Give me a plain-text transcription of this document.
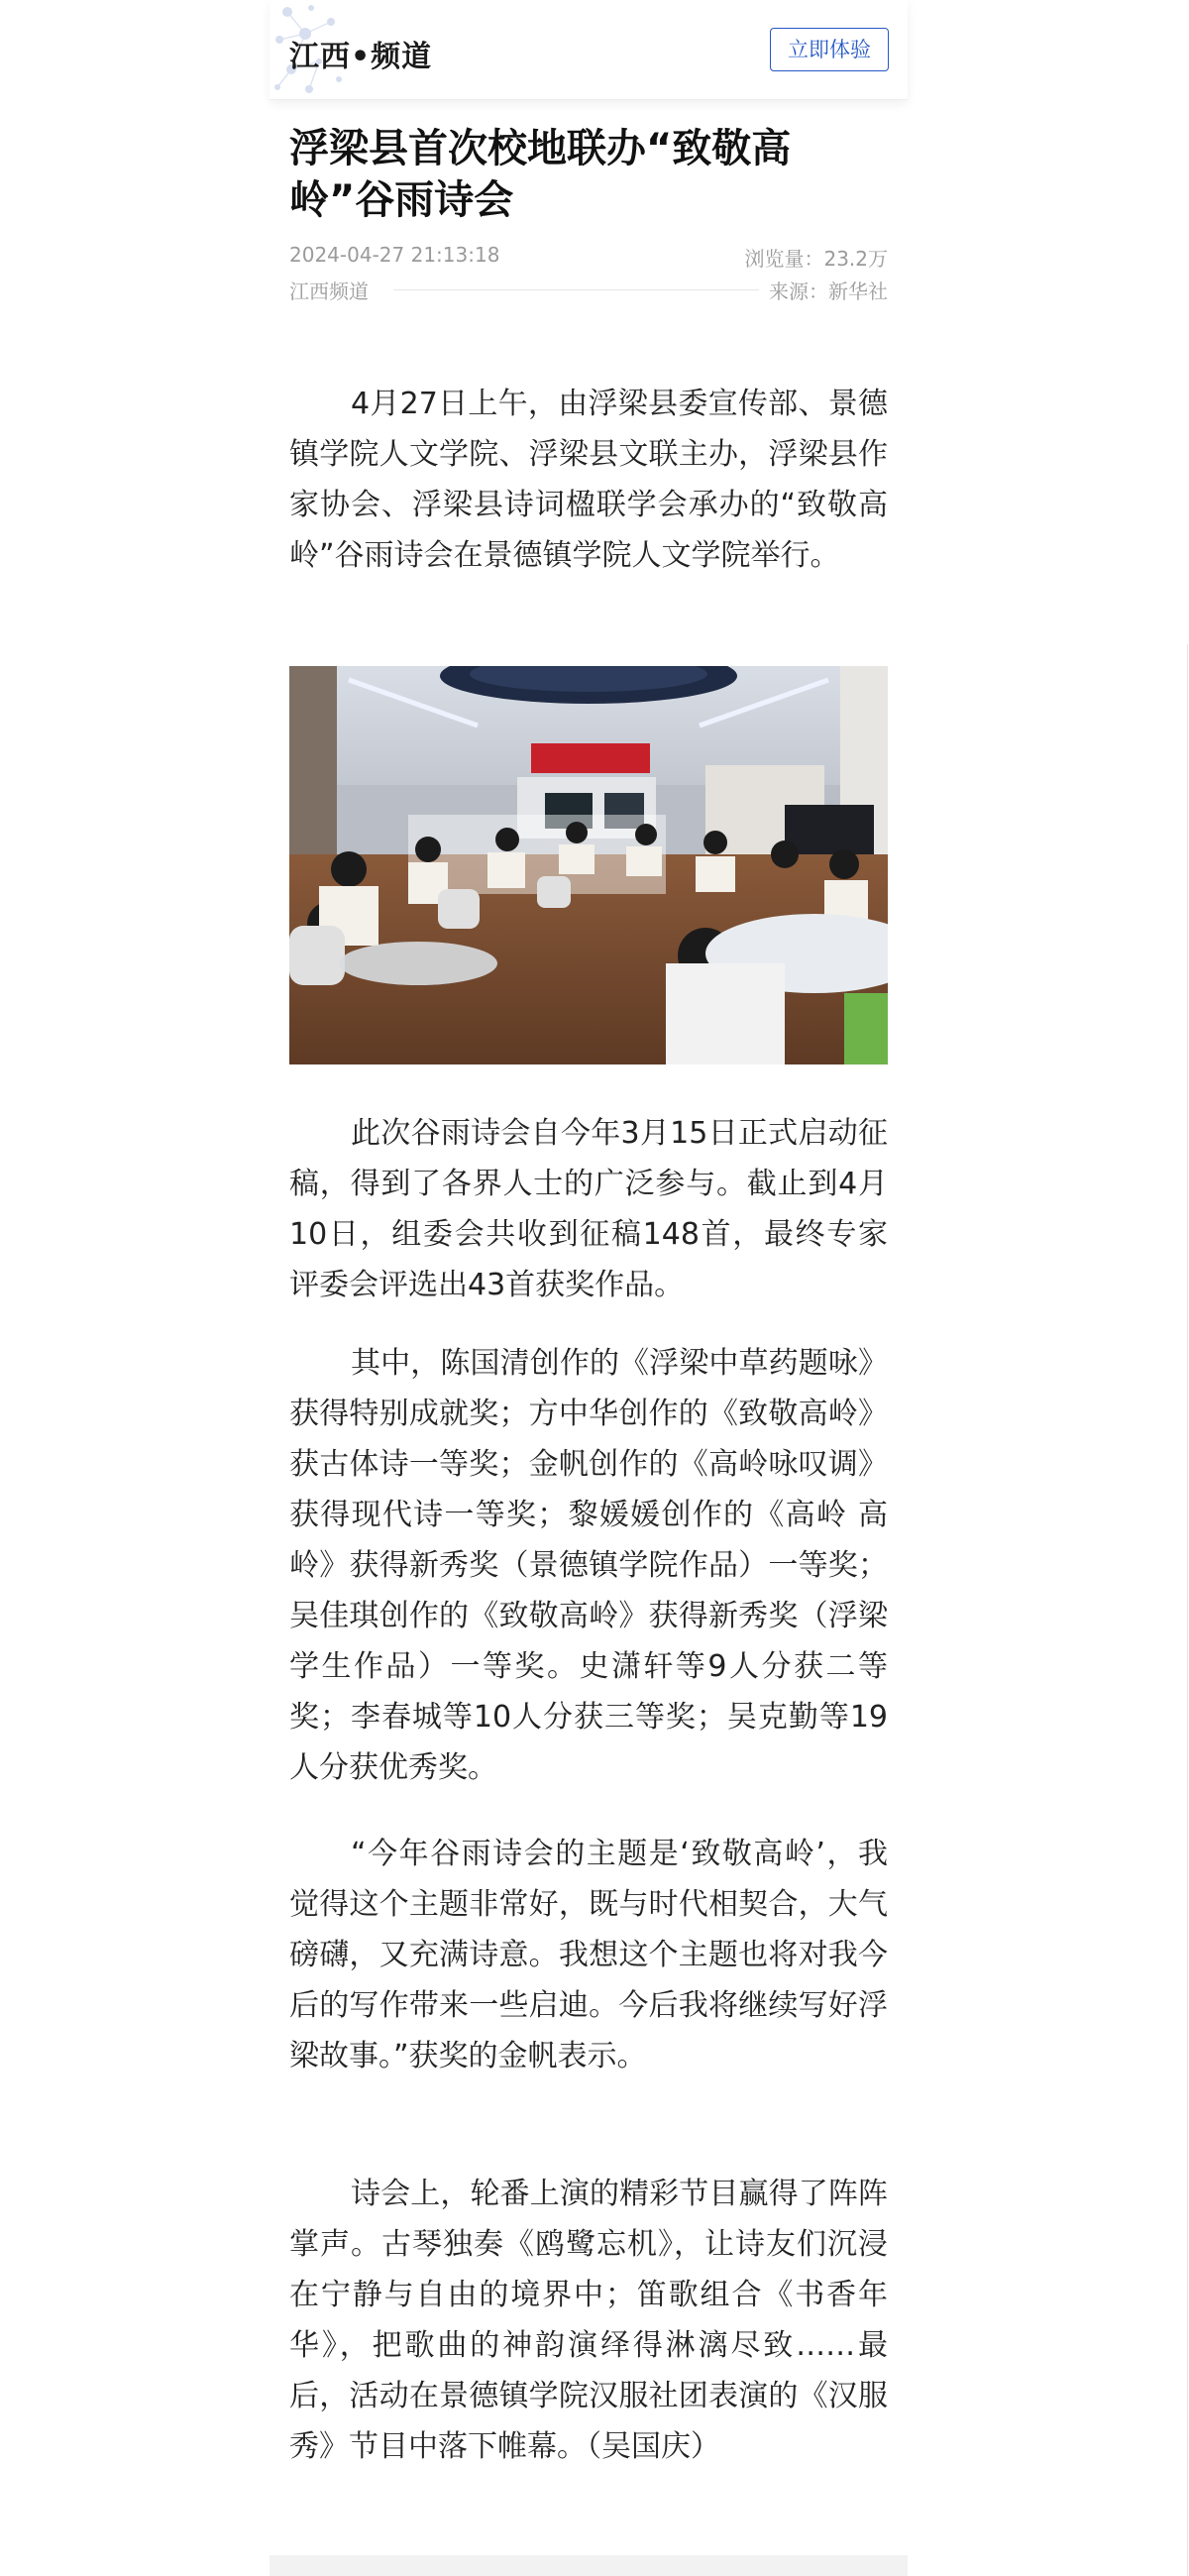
江西•频道	立即体验
浮梁县首次校地联办“致敬高岭”谷雨诗会
2024-04-27 21:13:18	浏览量：23.2万
江西频道	来源：新华社

4月27日上午，由浮梁县委宣传部、景德镇学院人文学院、浮梁县文联主办，浮梁县作家协会、浮梁县诗词楹联学会承办的“致敬高岭”谷雨诗会在景德镇学院人文学院举行。

此次谷雨诗会自今年3月15日正式启动征稿，得到了各界人士的广泛参与。截止到4月10日，组委会共收到征稿148首，最终专家评委会评选出43首获奖作品。

其中，陈国清创作的《浮梁中草药题咏》获得特别成就奖；方中华创作的《致敬高岭》获古体诗一等奖；金帆创作的《高岭咏叹调》获得现代诗一等奖；黎媛媛创作的《高岭 高岭》获得新秀奖（景德镇学院作品）一等奖；吴佳琪创作的《致敬高岭》获得新秀奖（浮梁学生作品）一等奖。史潇轩等9人分获二等奖；李春城等10人分获三等奖；吴克勤等19人分获优秀奖。

“今年谷雨诗会的主题是‘致敬高岭’，我觉得这个主题非常好，既与时代相契合，大气磅礴，又充满诗意。我想这个主题也将对我今后的写作带来一些启迪。今后我将继续写好浮梁故事。”获奖的金帆表示。

诗会上，轮番上演的精彩节目赢得了阵阵掌声。古琴独奏《鸥鹭忘机》，让诗友们沉浸在宁静与自由的境界中；笛歌组合《书香年华》，把歌曲的神韵演绎得淋漓尽致……最后，活动在景德镇学院汉服社团表演的《汉服秀》节目中落下帷幕。（吴国庆）
